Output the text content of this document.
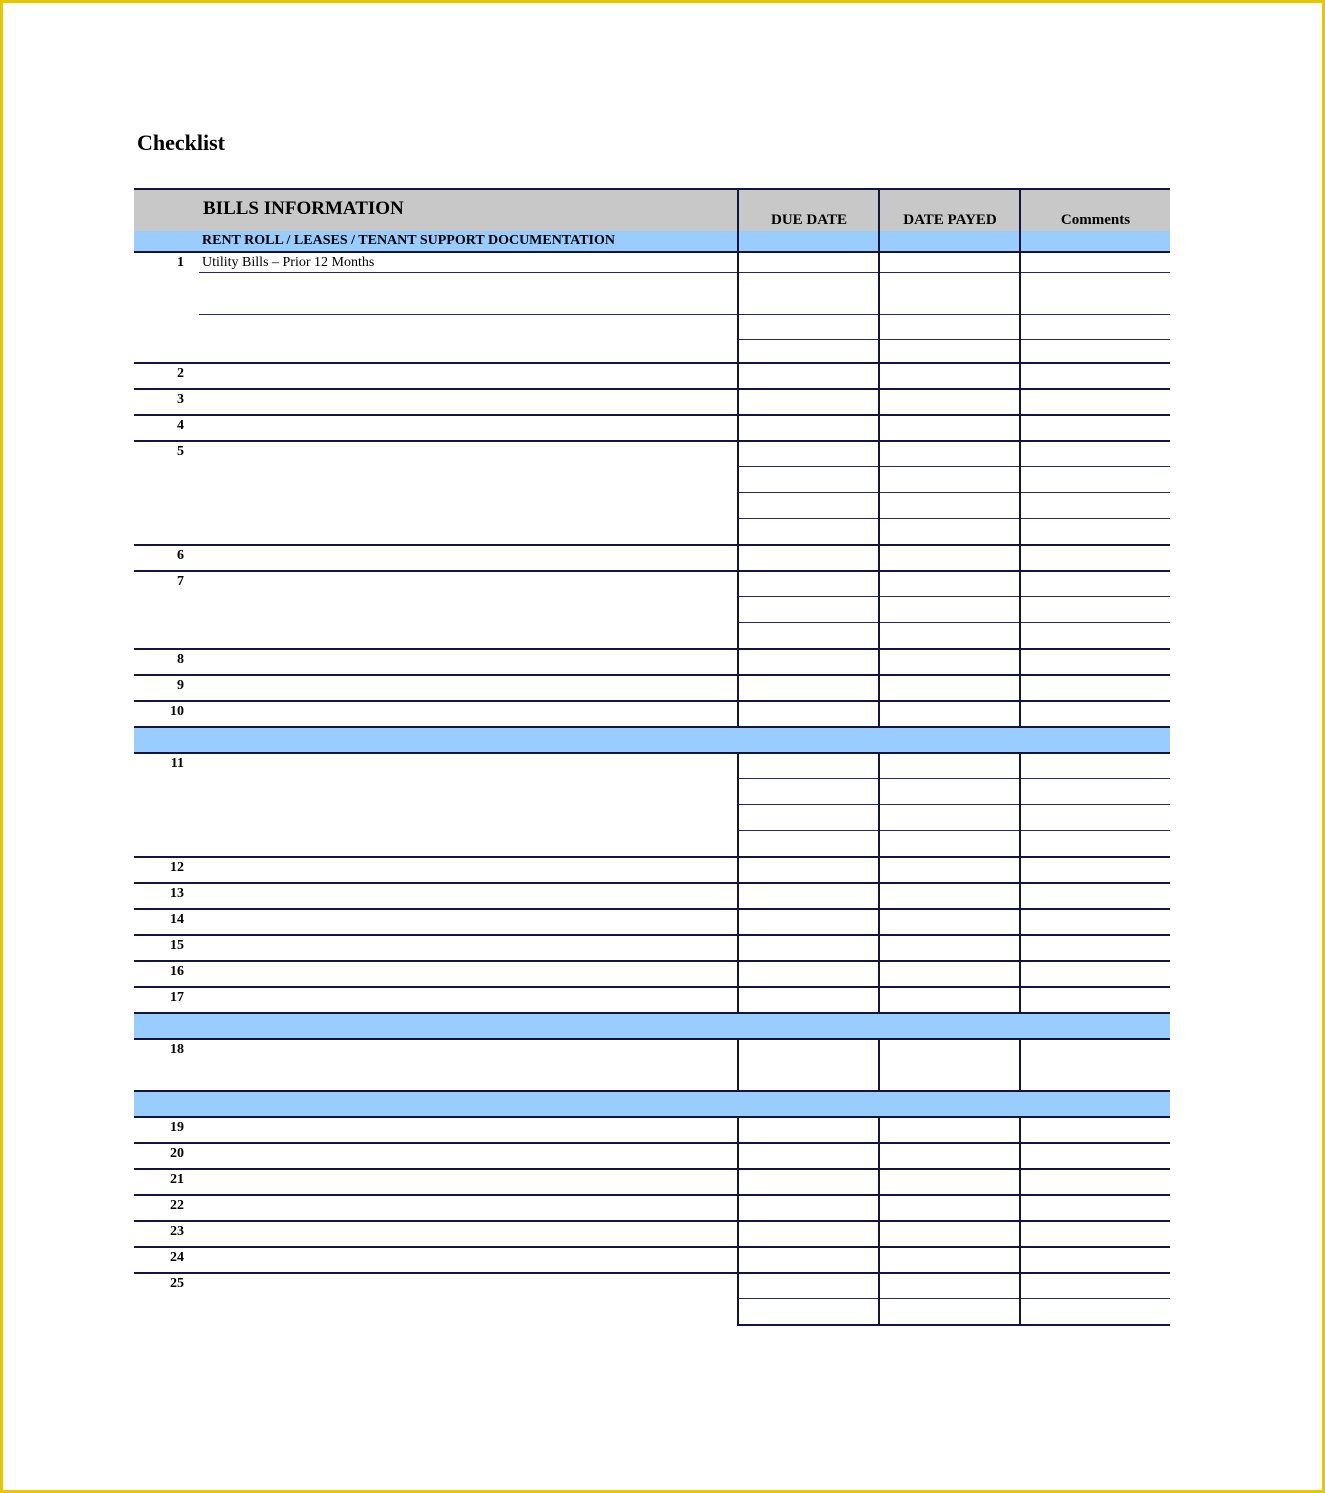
Checklist
BILLS INFORMATION
DUE DATE	DATE PAYED	Comments
RENT ROLL / LEASES / TENANT SUPPORT DOCUMENTATION
Utility Bills – Prior 12 Months
1
2
3
4
5
6
7
8
9
10
11
12
13
14
15
16
17
18
19
20
21
22
23
24
25
